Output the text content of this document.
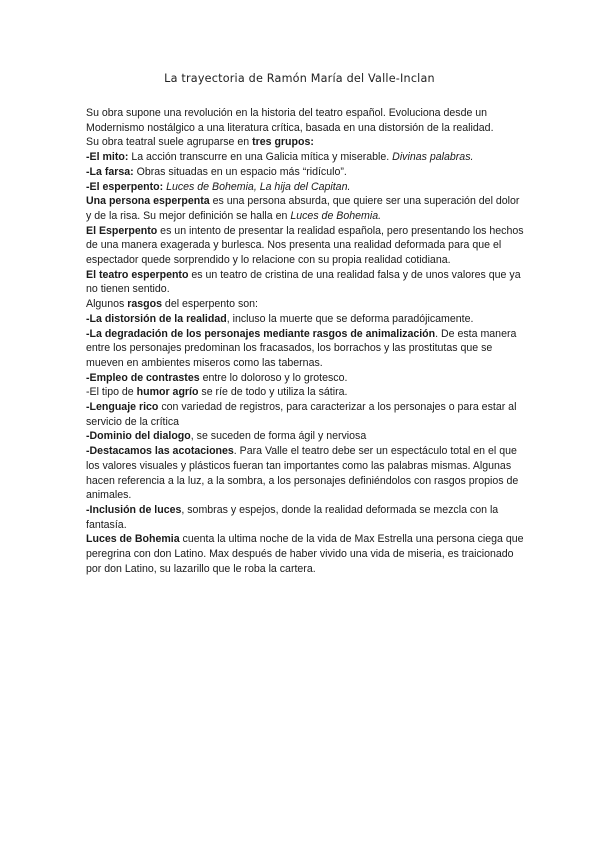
La trayectoria de Ramón María del Valle-Inclan

Su obra supone una revolución en la historia del teatro español. Evoluciona desde un Modernismo nostálgico a una literatura crítica, basada en una distorsión de la realidad.

Su obra teatral suele agruparse en tres grupos:

-El mito: La acción transcurre en una Galicia mítica y miserable. Divinas palabras.

-La farsa: Obras situadas en un espacio más “ridículo”.

-El esperpento: Luces de Bohemia, La hija del Capitan.

Una persona esperpenta es una persona absurda, que quiere ser una superación del dolor y de la risa. Su mejor definición se halla en Luces de Bohemia.

El Esperpento es un intento de presentar la realidad española, pero presentando los hechos de una manera exagerada y burlesca. Nos presenta una realidad deformada para que el espectador quede sorprendido y lo relacione con su propia realidad cotidiana.

El teatro esperpento es un teatro de cristina de una realidad falsa y de unos valores que ya no tienen sentido.

Algunos rasgos del esperpento son:

-La distorsión de la realidad, incluso la muerte que se deforma paradójicamente.

-La degradación de los personajes mediante rasgos de animalización. De esta manera entre los personajes predominan los fracasados, los borrachos y las prostitutas que se mueven en ambientes miseros como las tabernas.

-Empleo de contrastes entre lo doloroso y lo grotesco.

-El tipo de humor agrío se ríe de todo y utiliza la sátira.

-Lenguaje rico con variedad de registros, para caracterizar a los personajes o para estar al servicio de la crítica

-Dominio del dialogo, se suceden de forma ágil y nerviosa

-Destacamos las acotaciones. Para Valle el teatro debe ser un espectáculo total en el que los valores visuales y plásticos fueran tan importantes como las palabras mismas. Algunas hacen referencia a la luz, a la sombra, a los personajes definiéndolos con rasgos propios de animales.

-Inclusión de luces, sombras y espejos, donde la realidad deformada se mezcla con la fantasía.

Luces de Bohemia cuenta la ultima noche de la vida de Max Estrella una persona ciega que peregrina con don Latino. Max después de haber vivido una vida de miseria, es traicionado por don Latino, su lazarillo que le roba la cartera.
